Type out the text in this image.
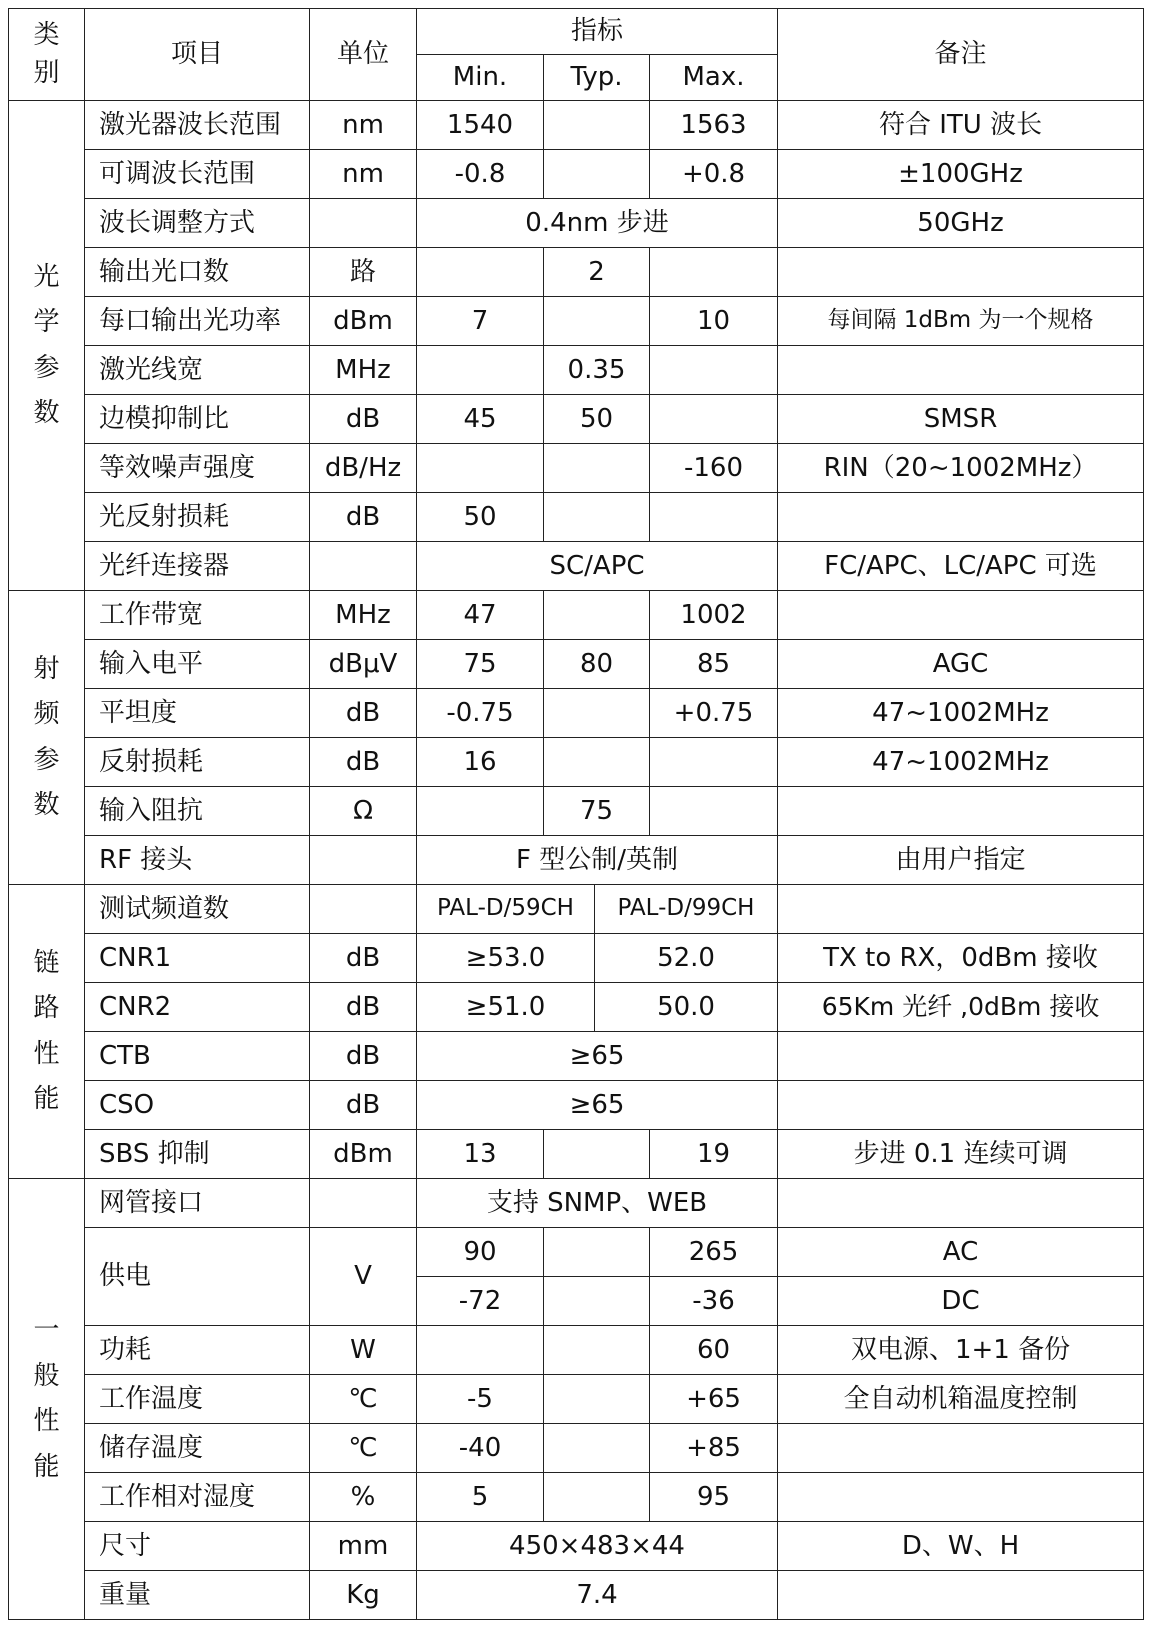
类别	项目	单位	指标				备注
			Min.	Typ.		Max.	

光学参数	激光器波长范围	nm	1540			1563	符合 ITU 波长
	可调波长范围	nm	-0.8			+0.8	±100GHz
	波长调整方式		0.4nm 步进				50GHz
	输出光口数	路		2			
	每口输出光功率	dBm	7			10	每间隔 1dBm 为一个规格
	激光线宽	MHz		0.35			
	边模抑制比	dB	45	50			SMSR
	等效噪声强度	dB/Hz				-160	RIN（20~1002MHz）
	光反射损耗	dB	50				
	光纤连接器		SC/APC				FC/APC、LC/APC 可选

射频参数	工作带宽	MHz	47			1002	
	输入电平	dBμV	75	80		85	AGC
	平坦度	dB	-0.75			+0.75	47~1002MHz
	反射损耗	dB	16				47~1002MHz
	输入阻抗	Ω		75			
	RF 接头		F 型公制/英制				由用户指定

链路性能	测试频道数		PAL-D/59CH		PAL-D/99CH		
	CNR1	dB	≥53.0		52.0		TX to RX，0dBm 接收
	CNR2	dB	≥51.0		50.0		65Km 光纤 ,0dBm 接收
	CTB	dB	≥65				
	CSO	dB	≥65				
	SBS 抑制	dBm	13			19	步进 0.1 连续可调

一般性能	网管接口		支持 SNMP、WEB				
	供电	V	90			265	AC
			-72			-36	DC
	功耗	W				60	双电源、1+1 备份
	工作温度	℃	-5			+65	全自动机箱温度控制
	储存温度	℃	-40			+85	
	工作相对湿度	%	5			95	
	尺寸	mm	450×483×44				D、W、H
	重量	Kg	7.4				
